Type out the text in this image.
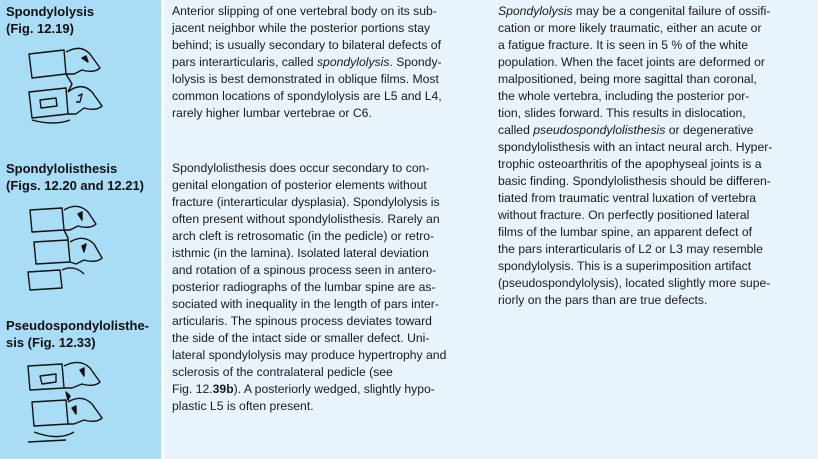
Spondylolysis
(Fig. 12.19)
Spondylolisthesis
(Figs. 12.20 and 12.21)
Pseudospondylolisthe-
sis (Fig. 12.33)
Anterior slipping of one vertebral body on its sub-
jacent neighbor while the posterior portions stay
behind; is usually secondary to bilateral defects of
pars interarticularis, called spondylolysis. Spondy-
lolysis is best demonstrated in oblique films. Most
common locations of spondylolysis are L5 and L4,
rarely higher lumbar vertebrae or C6.
Spondylolisthesis does occur secondary to con-
genital elongation of posterior elements without
fracture (interarticular dysplasia). Spondylolysis is
often present without spondylolisthesis. Rarely an
arch cleft is retrosomatic (in the pedicle) or retro-
isthmic (in the lamina). Isolated lateral deviation
and rotation of a spinous process seen in antero-
posterior radiographs of the lumbar spine are as-
sociated with inequality in the length of pars inter-
articularis. The spinous process deviates toward
the side of the intact side or smaller defect. Uni-
lateral spondylolysis may produce hypertrophy and
sclerosis of the contralateral pedicle (see
Fig. 12.39b). A posteriorly wedged, slightly hypo-
plastic L5 is often present.
Spondylolysis may be a congenital failure of ossifi-
cation or more likely traumatic, either an acute or
a fatigue fracture. It is seen in 5 % of the white
population. When the facet joints are deformed or
malpositioned, being more sagittal than coronal,
the whole vertebra, including the posterior por-
tion, slides forward. This results in dislocation,
called pseudospondylolisthesis or degenerative
spondylolisthesis with an intact neural arch. Hyper-
trophic osteoarthritis of the apophyseal joints is a
basic finding. Spondylolisthesis should be differen-
tiated from traumatic ventral luxation of vertebra
without fracture. On perfectly positioned lateral
films of the lumbar spine, an apparent defect of
the pars interarticularis of L2 or L3 may resemble
spondylolysis. This is a superimposition artifact
(pseudospondylolysis), located slightly more supe-
riorly on the pars than are true defects.
